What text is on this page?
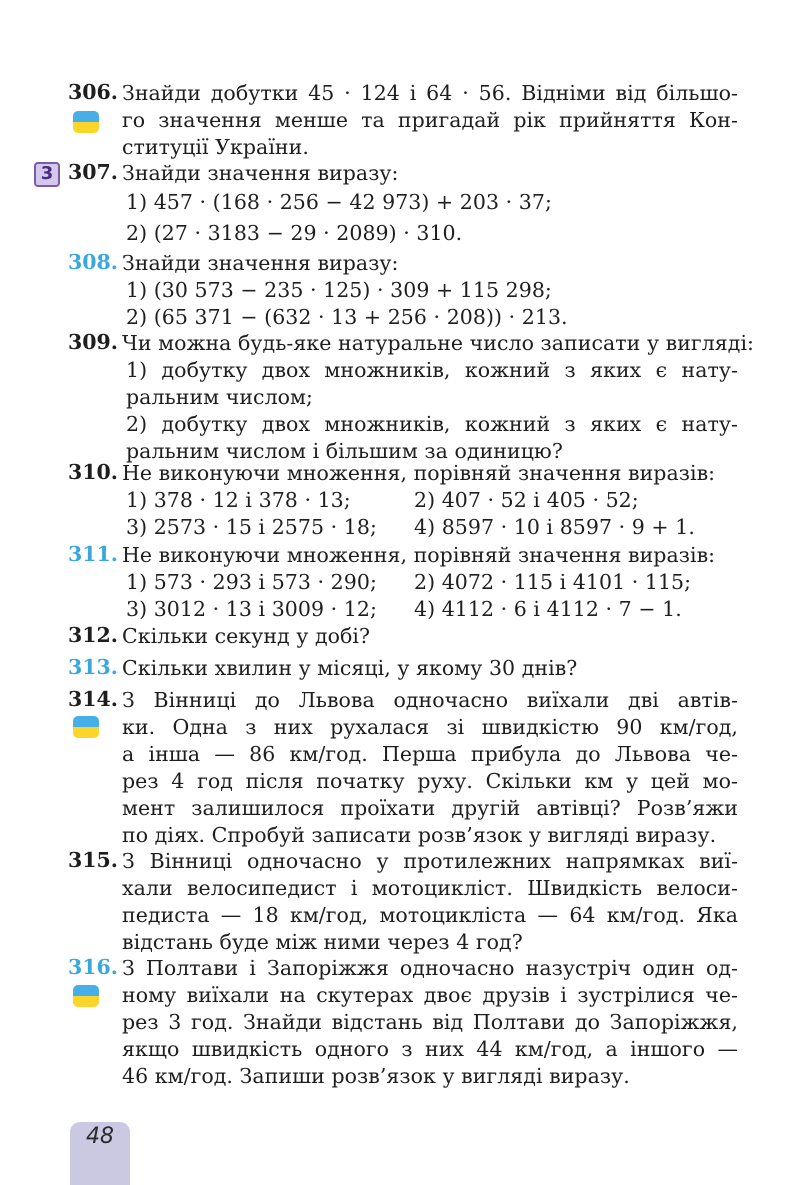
306. Знайди добутки 45 · 124 і 64 · 56. Відніми від більшо-
го значення менше та пригадай рік прийняття Кон-
ституції України.
3 307. Знайди значення виразу:
1) 457 · (168 · 256 − 42 973) + 203 · 37;
2) (27 · 3183 − 29 · 2089) · 310.
308. Знайди значення виразу:
1) (30 573 − 235 · 125) · 309 + 115 298;
2) (65 371 − (632 · 13 + 256 · 208)) · 213.
309. Чи можна будь-яке натуральне число записати у вигляді:
1) добутку двох множників, кожний з яких є нату-
ральним числом;
2) добутку двох множників, кожний з яких є нату-
ральним числом і більшим за одиницю?
310. Не виконуючи множення, порівняй значення виразів:
1) 378 · 12 і 378 · 13;	2) 407 · 52 і 405 · 52;
3) 2573 · 15 і 2575 · 18;	4) 8597 · 10 і 8597 · 9 + 1.
311. Не виконуючи множення, порівняй значення виразів:
1) 573 · 293 і 573 · 290;	2) 4072 · 115 і 4101 · 115;
3) 3012 · 13 і 3009 · 12;	4) 4112 · 6 і 4112 · 7 − 1.
312. Скільки секунд у добі?
313. Скільки хвилин у місяці, у якому 30 днів?
314. З Вінниці до Львова одночасно виїхали дві автів-
ки. Одна з них рухалася зі швидкістю 90 км/год,
а інша — 86 км/год. Перша прибула до Львова че-
рез 4 год після початку руху. Скільки км у цей мо-
мент залишилося проїхати другій автівці? Розв’яжи
по діях. Спробуй записати розв’язок у вигляді виразу.
315. З Вінниці одночасно у протилежних напрямках виї-
хали велосипедист і мотоцикліст. Швидкість велоси-
педиста — 18 км/год, мотоцикліста — 64 км/год. Яка
відстань буде між ними через 4 год?
316. З Полтави і Запоріжжя одночасно назустріч один од-
ному виїхали на скутерах двоє друзів і зустрілися че-
рез 3 год. Знайди відстань від Полтави до Запоріжжя,
якщо швидкість одного з них 44 км/год, а іншого —
46 км/год. Запиши розв’язок у вигляді виразу.
48
